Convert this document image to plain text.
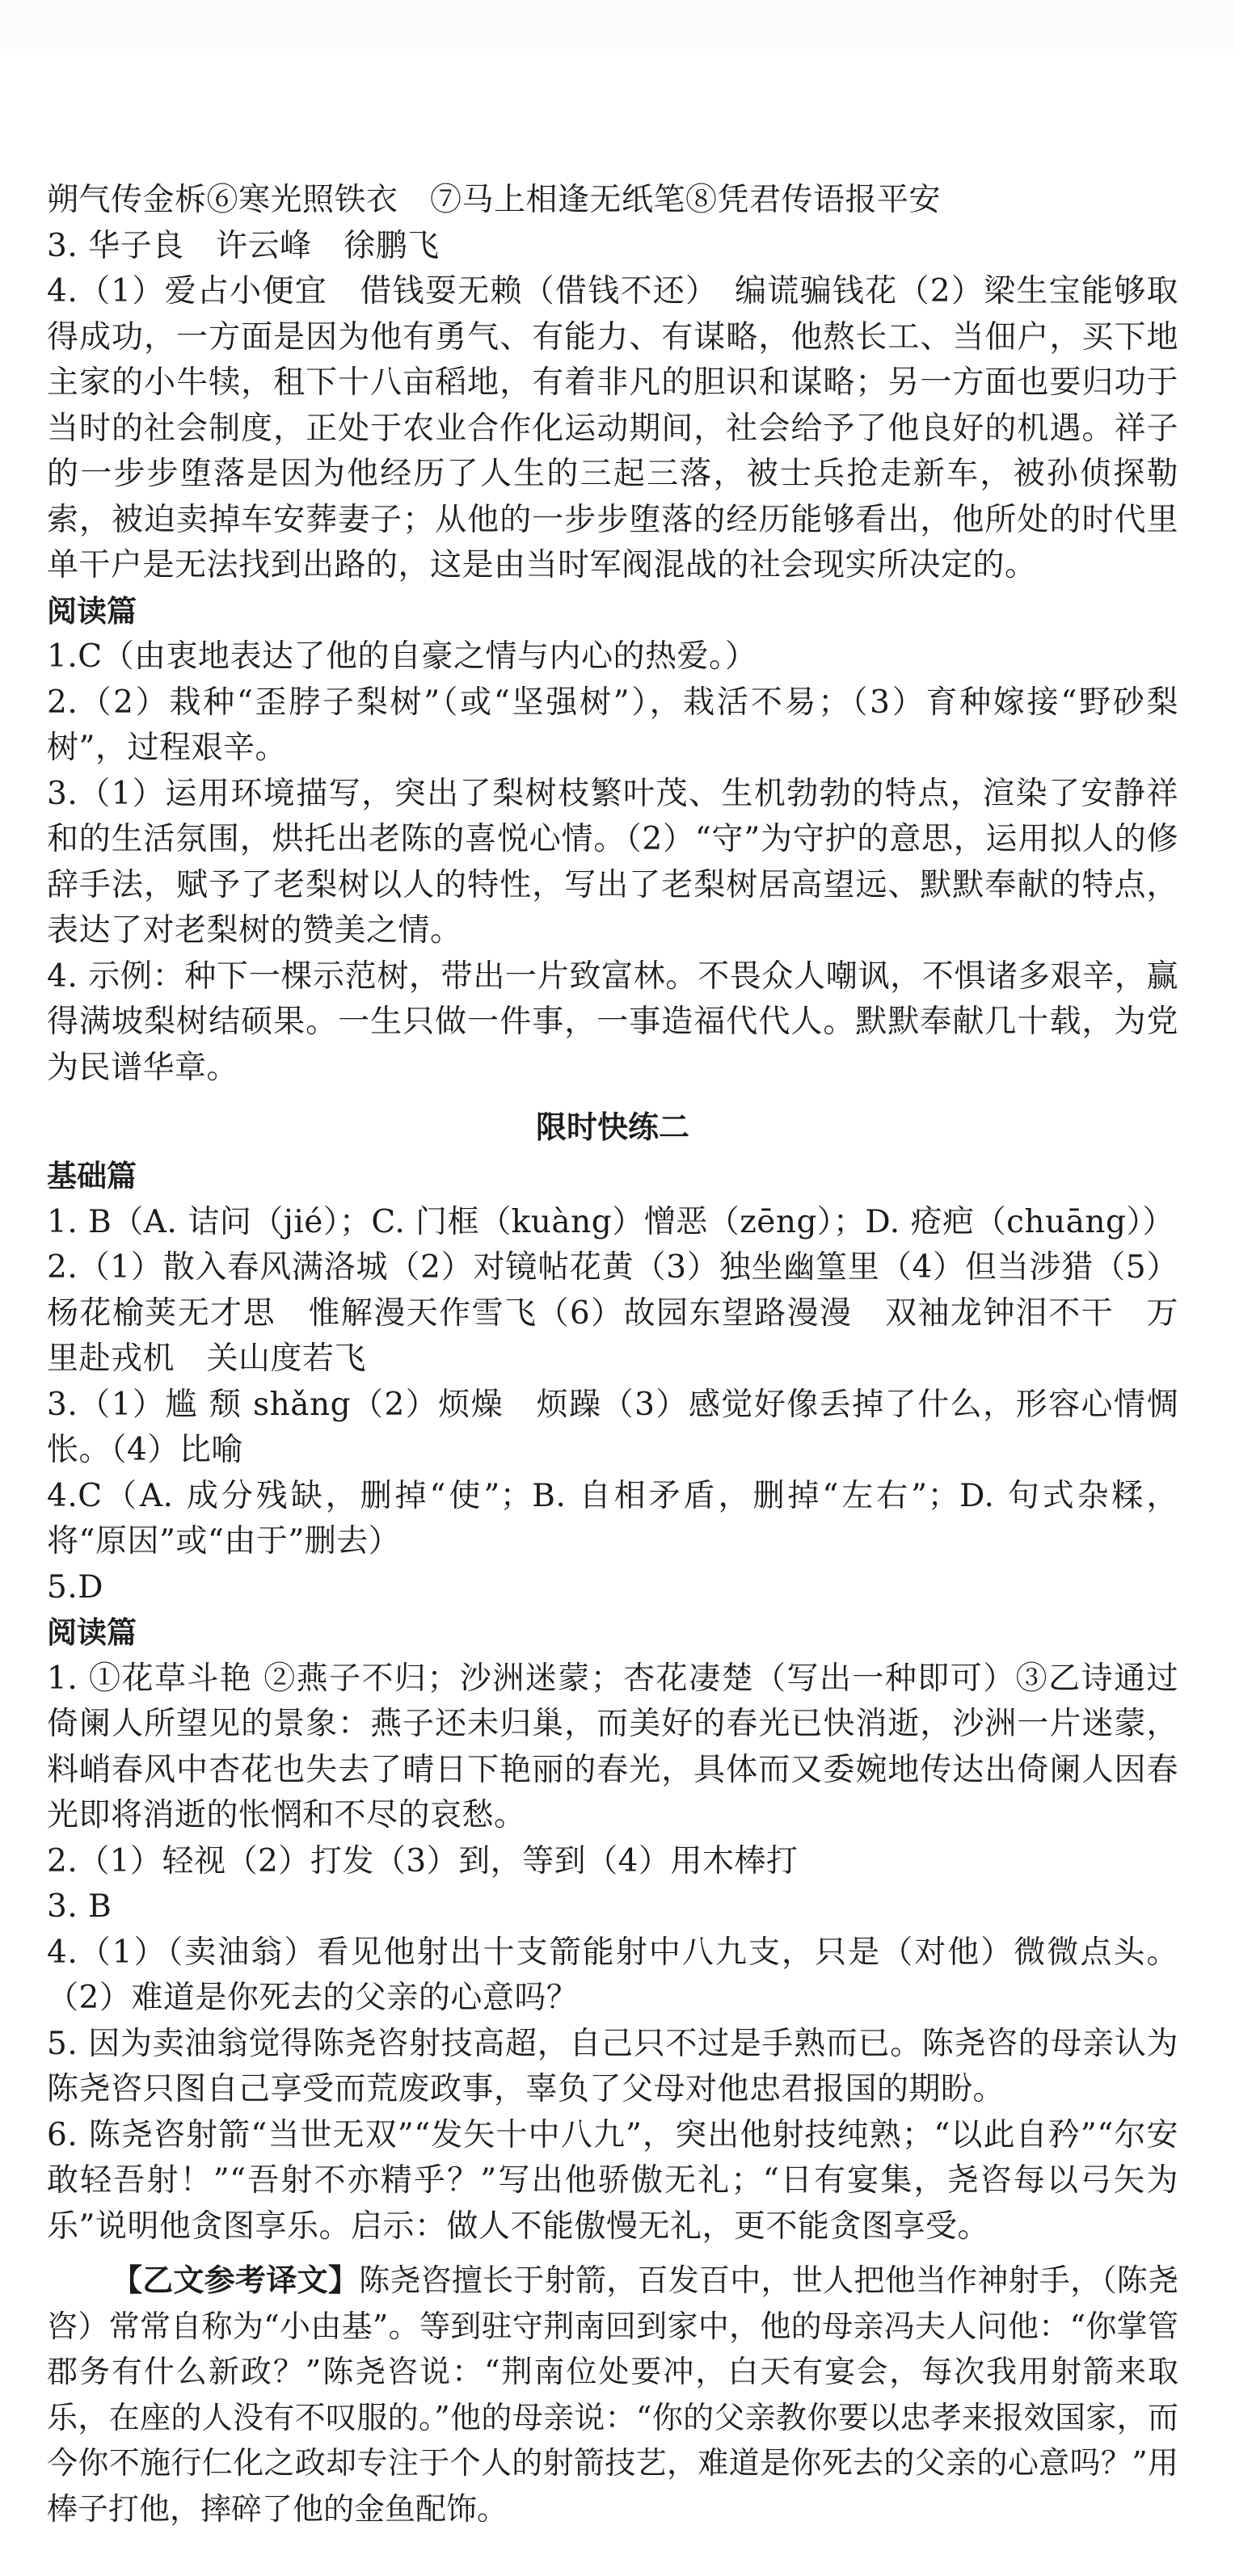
朔气传金柝⑥寒光照铁衣　⑦马上相逢无纸笔⑧凭君传语报平安

3. 华子良　许云峰　徐鹏飞

4.（1）爱占小便宜　借钱耍无赖（借钱不还）　编谎骗钱花（2）梁生宝能够取得成功，一方面是因为他有勇气、有能力、有谋略，他熬长工、当佃户，买下地主家的小牛犊，租下十八亩稻地，有着非凡的胆识和谋略；另一方面也要归功于当时的社会制度，正处于农业合作化运动期间，社会给予了他良好的机遇。祥子的一步步堕落是因为他经历了人生的三起三落，被士兵抢走新车，被孙侦探勒索，被迫卖掉车安葬妻子；从他的一步步堕落的经历能够看出，他所处的时代里单干户是无法找到出路的，这是由当时军阀混战的社会现实所决定的。

阅读篇

1.C（由衷地表达了他的自豪之情与内心的热爱。）

2.（2）栽种“歪脖子梨树”（或“坚强树”），栽活不易；（3）育种嫁接“野砂梨树”，过程艰辛。

3.（1）运用环境描写，突出了梨树枝繁叶茂、生机勃勃的特点，渲染了安静祥和的生活氛围，烘托出老陈的喜悦心情。（2）“守”为守护的意思，运用拟人的修辞手法，赋予了老梨树以人的特性，写出了老梨树居高望远、默默奉献的特点，表达了对老梨树的赞美之情。

4. 示例：种下一棵示范树，带出一片致富林。不畏众人嘲讽，不惧诸多艰辛，赢得满坡梨树结硕果。一生只做一件事，一事造福代代人。默默奉献几十载，为党为民谱华章。

限时快练二

基础篇

1. B（A. 诘问（jié）；C. 门框（kuàng）憎恶（zēng）；D. 疮疤（chuāng））

2.（1）散入春风满洛城（2）对镜帖花黄（3）独坐幽篁里（4）但当涉猎（5）杨花榆荚无才思　惟解漫天作雪飞（6）故园东望路漫漫　双袖龙钟泪不干　万里赴戎机　关山度若飞

3.（1）尴 颓 shǎng（2）烦燥　烦躁（3）感觉好像丢掉了什么，形容心情惆怅。（4）比喻

4.C（A. 成分残缺，删掉“使”；B. 自相矛盾，删掉“左右”；D. 句式杂糅，将“原因”或“由于”删去）

5.D

阅读篇

1. ①花草斗艳 ②燕子不归；沙洲迷蒙；杏花凄楚（写出一种即可）③乙诗通过倚阑人所望见的景象：燕子还未归巢，而美好的春光已快消逝，沙洲一片迷蒙，料峭春风中杏花也失去了晴日下艳丽的春光，具体而又委婉地传达出倚阑人因春光即将消逝的怅惘和不尽的哀愁。

2.（1）轻视（2）打发（3）到，等到（4）用木棒打

3. B

4.（1）（卖油翁）看见他射出十支箭能射中八九支，只是（对他）微微点头。（2）难道是你死去的父亲的心意吗？

5. 因为卖油翁觉得陈尧咨射技高超，自己只不过是手熟而已。陈尧咨的母亲认为陈尧咨只图自己享受而荒废政事，辜负了父母对他忠君报国的期盼。

6. 陈尧咨射箭“当世无双”“发矢十中八九”，突出他射技纯熟；“以此自矜”“尔安敢轻吾射！”“吾射不亦精乎？”写出他骄傲无礼；“日有宴集，尧咨每以弓矢为乐”说明他贪图享乐。启示：做人不能傲慢无礼，更不能贪图享受。

【乙文参考译文】陈尧咨擅长于射箭，百发百中，世人把他当作神射手，（陈尧咨）常常自称为“小由基”。等到驻守荆南回到家中，他的母亲冯夫人问他：“你掌管郡务有什么新政？”陈尧咨说：“荆南位处要冲，白天有宴会，每次我用射箭来取乐，在座的人没有不叹服的。”他的母亲说：“你的父亲教你要以忠孝来报效国家，而今你不施行仁化之政却专注于个人的射箭技艺，难道是你死去的父亲的心意吗？”用棒子打他，摔碎了他的金鱼配饰。
